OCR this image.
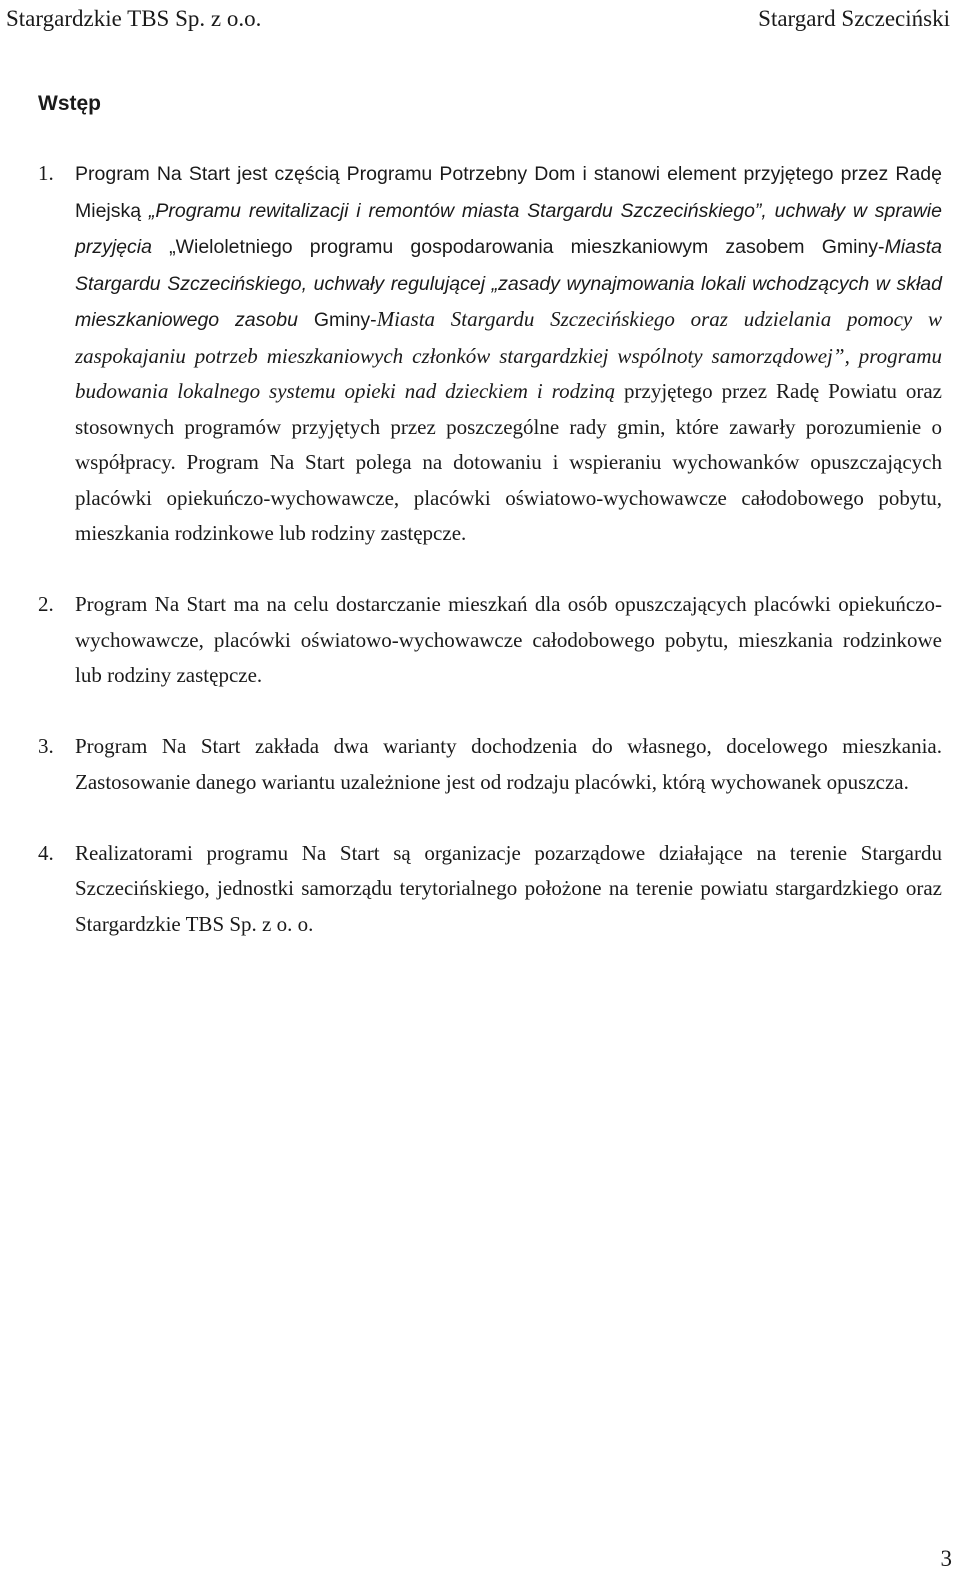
Stargardzkie TBS Sp. z o.o.	Stargard Szczeciński
Wstęp
1. Program Na Start jest częścią Programu Potrzebny Dom i stanowi element przyjętego przez Radę Miejską „Programu rewitalizacji i remontów miasta Stargardu Szczecińskiego”, uchwały w sprawie przyjęcia „Wieloletniego programu gospodarowania mieszkaniowym zasobem Gminy-Miasta Stargardu Szczecińskiego, uchwały regulującej „zasady wynajmowania lokali wchodzących w skład mieszkaniowego zasobu Gminy-Miasta Stargardu Szczecińskiego oraz udzielania pomocy w zaspokajaniu potrzeb mieszkaniowych członków stargardzkiej wspólnoty samorządowej”, programu budowania lokalnego systemu opieki nad dzieckiem i rodziną przyjętego przez Radę Powiatu oraz stosownych programów przyjętych przez poszczególne rady gmin, które zawarły porozumienie o współpracy. Program Na Start polega na dotowaniu i wspieraniu wychowanków opuszczających placówki opiekuńczo-wychowawcze, placówki oświatowo-wychowawcze całodobowego pobytu, mieszkania rodzinkowe lub rodziny zastępcze.
2. Program Na Start ma na celu dostarczanie mieszkań dla osób opuszczających placówki opiekuńczo-wychowawcze, placówki oświatowo-wychowawcze całodobowego pobytu, mieszkania rodzinkowe lub rodziny zastępcze.
3. Program Na Start zakłada dwa warianty dochodzenia do własnego, docelowego mieszkania. Zastosowanie danego wariantu uzależnione jest od rodzaju placówki, którą wychowanek opuszcza.
4. Realizatorami programu Na Start są organizacje pozarządowe działające na terenie Stargardu Szczecińskiego, jednostki samorządu terytorialnego położone na terenie powiatu stargardzkiego oraz Stargardzkie TBS Sp. z o. o.
3
